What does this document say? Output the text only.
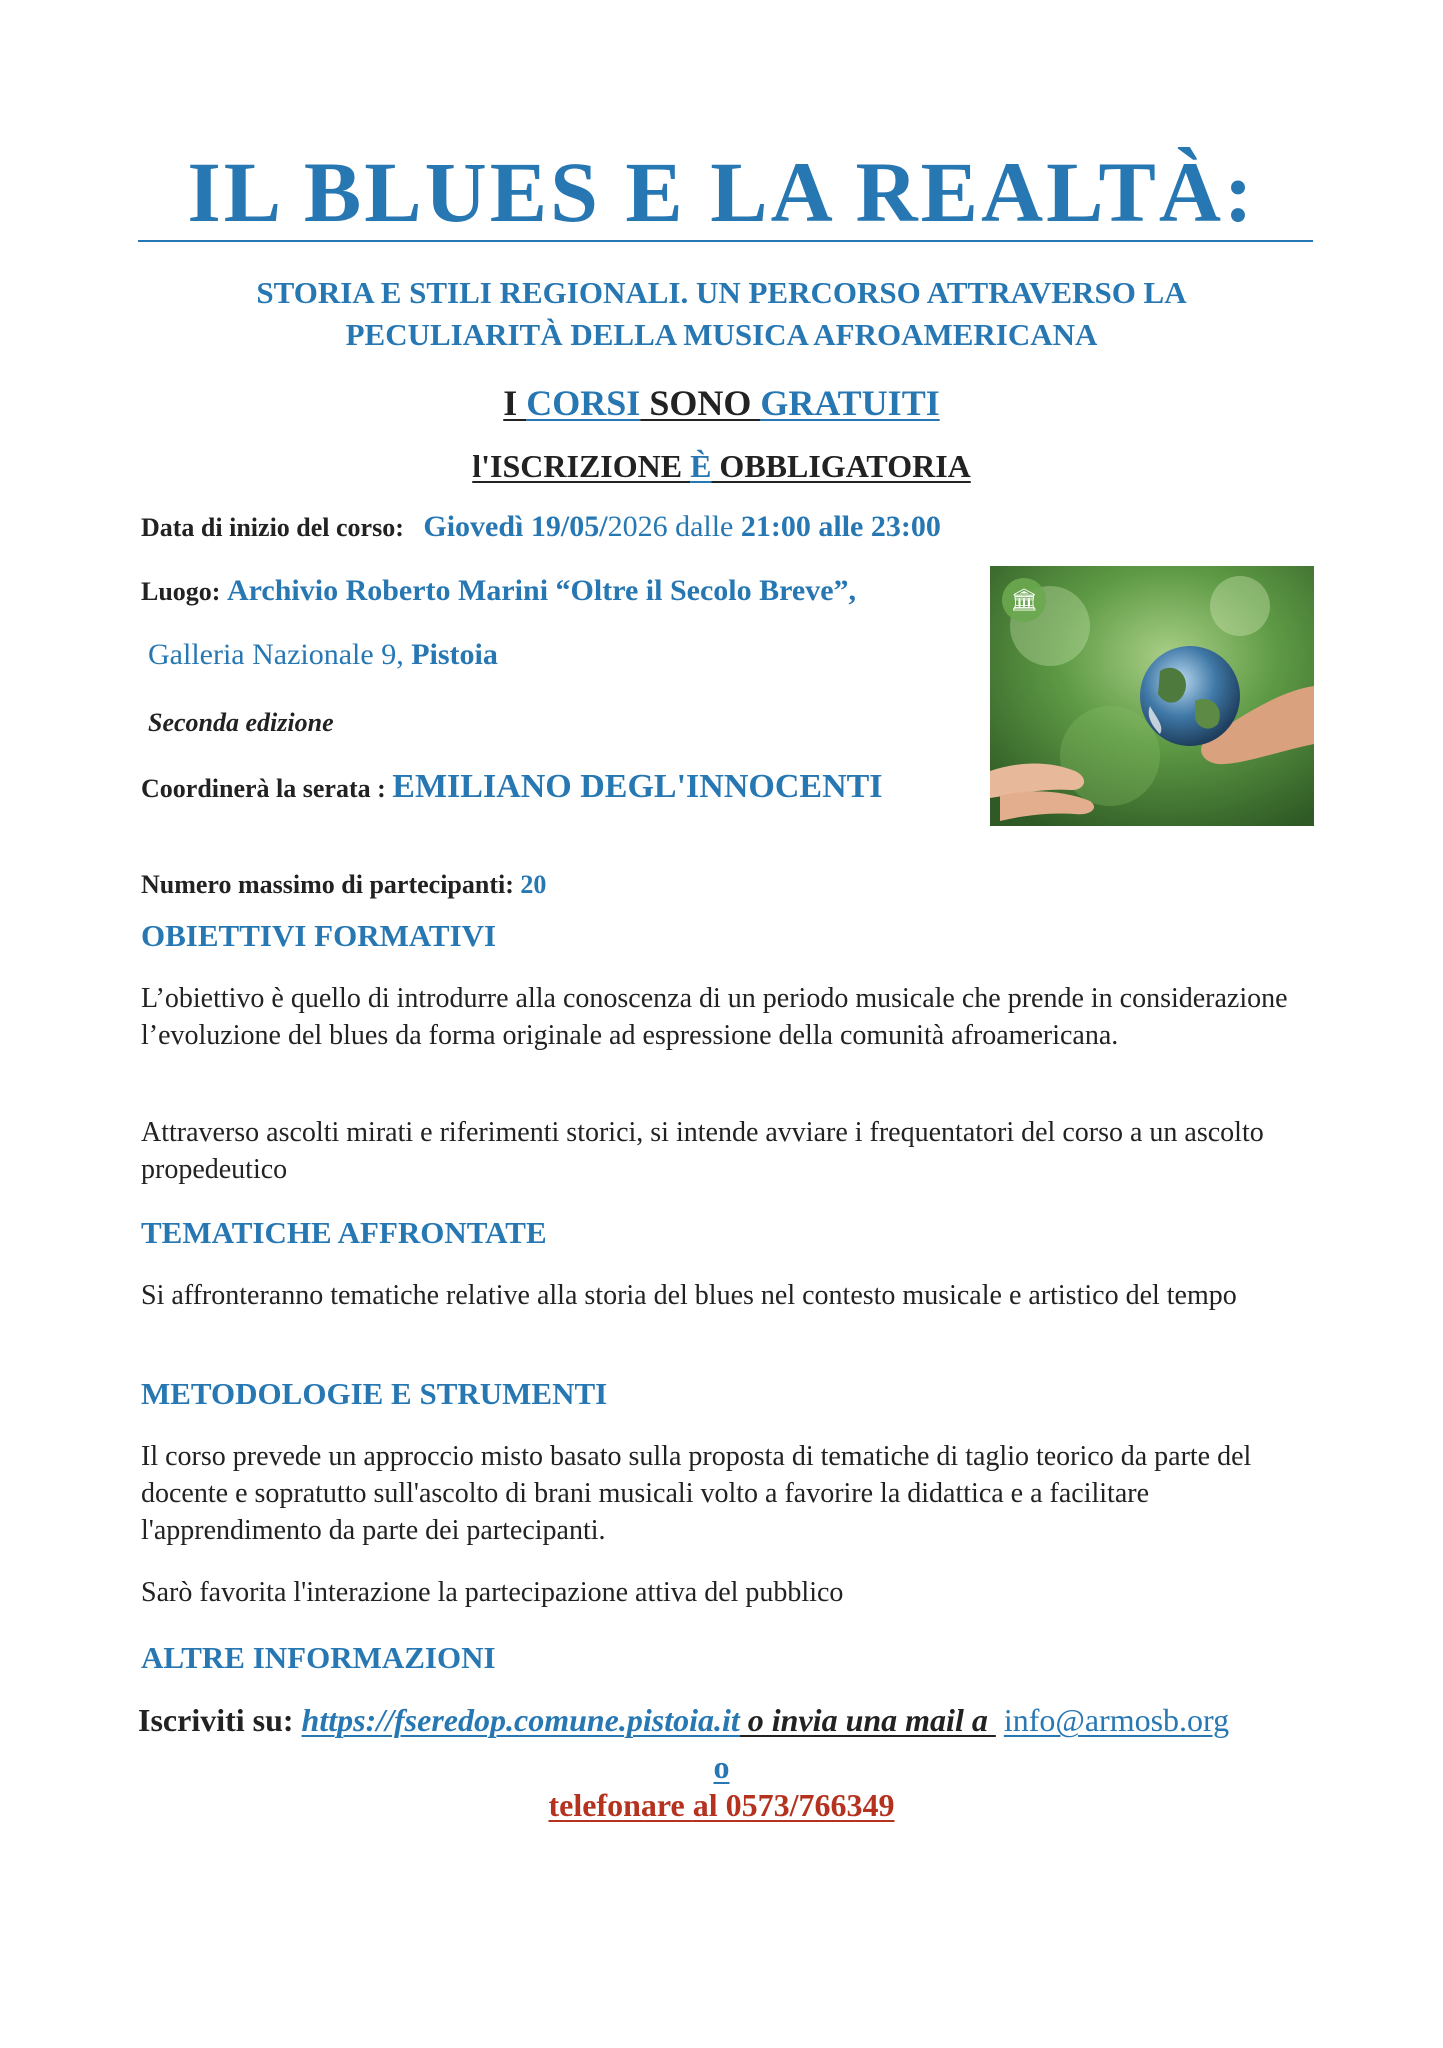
IL BLUES E LA REALTÀ:
STORIA E STILI REGIONALI. UN PERCORSO ATTRAVERSO LA
PECULIARITÀ DELLA MUSICA AFROAMERICANA
I CORSI SONO GRATUITI
l'ISCRIZIONE È OBBLIGATORIA
Data di inizio del corso: Giovedì 19/05/2026 dalle 21:00 alle 23:00
Luogo: Archivio Roberto Marini “Oltre il Secolo Breve”,
Galleria Nazionale 9, Pistoia
Seconda edizione
Coordinerà la serata : EMILIANO DEGL'INNOCENTI
🏛
Numero massimo di partecipanti: 20
OBIETTIVI FORMATIVI
L’obiettivo è quello di introdurre alla conoscenza di un periodo musicale che prende in considerazione l’evoluzione del blues da forma originale ad espressione della comunità afroamericana.
Attraverso ascolti mirati e riferimenti storici, si intende avviare i frequentatori del corso a un ascolto propedeutico
TEMATICHE AFFRONTATE
Si affronteranno tematiche relative alla storia del blues nel contesto musicale e artistico del tempo
METODOLOGIE E STRUMENTI
Il corso prevede un approccio misto basato sulla proposta di tematiche di taglio teorico da parte del docente e sopratutto sull'ascolto di brani musicali volto a favorire la didattica e a facilitare l'apprendimento da parte dei partecipanti.
Sarò favorita l'interazione la partecipazione attiva del pubblico
ALTRE INFORMAZIONI
Iscriviti su: https://fseredop.comune.pistoia.it o invia una mail a  info@armosb.org
o
telefonare al 0573/766349
